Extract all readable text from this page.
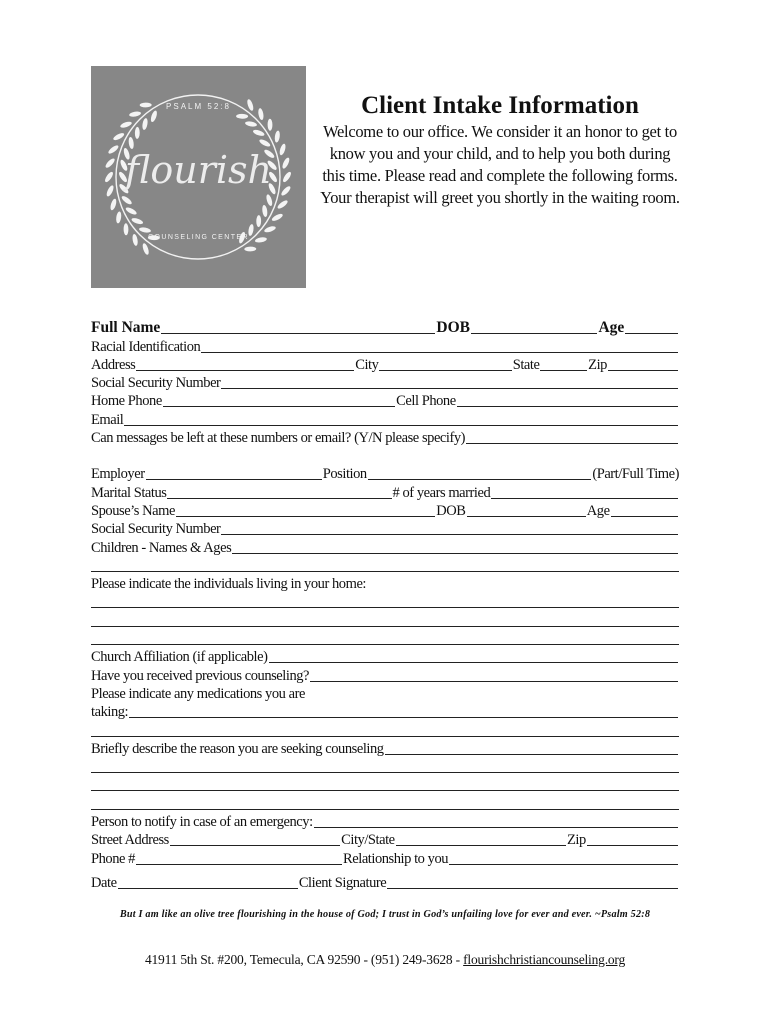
PSALM 52:8
flourish
COUNSELING CENTER
Client Intake Information
Welcome to our office. We consider it an honor to get to know you and your child, and to help you both during this time. Please read and complete the following forms. Your therapist will greet you shortly in the waiting room.
Full Name	DOB	Age
Racial Identification
Address	City	State	Zip
Social Security Number
Home Phone	Cell Phone
Email
Can messages be left at these numbers or email? (Y/N please specify)
Employer	Position	(Part/Full Time)
Marital Status	# of years married
Spouse’s Name	DOB	Age
Social Security Number
Children - Names & Ages
Please indicate the individuals living in your home:
Church Affiliation (if applicable)
Have you received previous counseling?
Please indicate any medications you are
taking:
Briefly describe the reason you are seeking counseling
Person to notify in case of an emergency:
Street Address	City/State	Zip
Phone #	Relationship to you
Date	Client Signature
But I am like an olive tree flourishing in the house of God; I trust in God’s unfailing love for ever and ever. ~Psalm 52:8
41911 5th St. #200, Temecula, CA 92590 - (951) 249-3628 - flourishchristiancounseling.org
